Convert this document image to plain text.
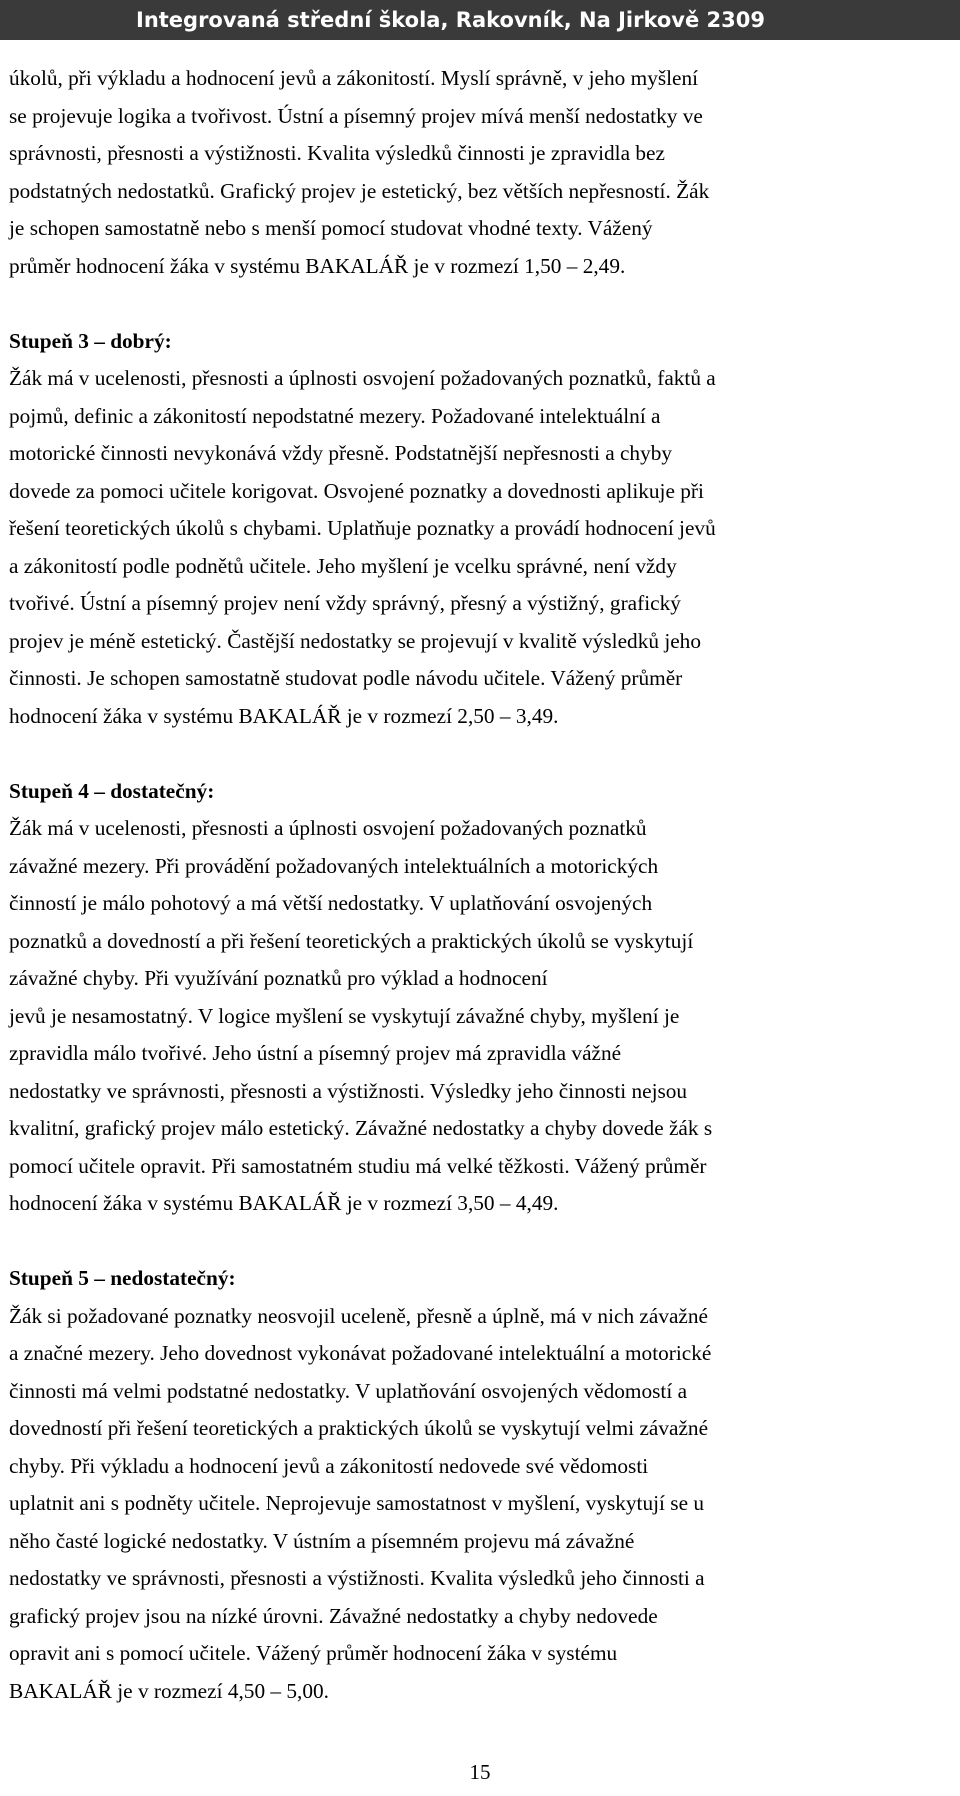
Integrovaná střední škola, Rakovník, Na Jirkově 2309

úkolů, při výkladu a hodnocení jevů a zákonitostí. Myslí správně, v jeho myšlení
se projevuje logika a tvořivost. Ústní a písemný projev mívá menší nedostatky ve
správnosti, přesnosti a výstižnosti. Kvalita výsledků činnosti je zpravidla bez
podstatných nedostatků. Grafický projev je estetický, bez větších nepřesností. Žák
je schopen samostatně nebo s menší pomocí studovat vhodné texty. Vážený
průměr hodnocení žáka v systému BAKALÁŘ je v rozmezí 1,50 – 2,49.

Stupeň 3 – dobrý:

Žák má v ucelenosti, přesnosti a úplnosti osvojení požadovaných poznatků, faktů a
pojmů, definic a zákonitostí nepodstatné mezery. Požadované intelektuální a
motorické činnosti nevykonává vždy přesně. Podstatnější nepřesnosti a chyby
dovede za pomoci učitele korigovat. Osvojené poznatky a dovednosti aplikuje při
řešení teoretických úkolů s chybami. Uplatňuje poznatky a provádí hodnocení jevů
a zákonitostí podle podnětů učitele. Jeho myšlení je vcelku správné, není vždy
tvořivé. Ústní a písemný projev není vždy správný, přesný a výstižný, grafický
projev je méně estetický. Častější nedostatky se projevují v kvalitě výsledků jeho
činnosti. Je schopen samostatně studovat podle návodu učitele. Vážený průměr
hodnocení žáka v systému BAKALÁŘ je v rozmezí 2,50 – 3,49.

Stupeň 4 – dostatečný:

Žák má v ucelenosti, přesnosti a úplnosti osvojení požadovaných poznatků
závažné mezery. Při provádění požadovaných intelektuálních a motorických
činností je málo pohotový a má větší nedostatky. V uplatňování osvojených
poznatků a dovedností a při řešení teoretických a praktických úkolů se vyskytují
závažné chyby. Při využívání poznatků pro výklad a hodnocení
jevů je nesamostatný. V logice myšlení se vyskytují závažné chyby, myšlení je
zpravidla málo tvořivé. Jeho ústní a písemný projev má zpravidla vážné
nedostatky ve správnosti, přesnosti a výstižnosti. Výsledky jeho činnosti nejsou
kvalitní, grafický projev málo estetický. Závažné nedostatky a chyby dovede žák s
pomocí učitele opravit. Při samostatném studiu má velké těžkosti. Vážený průměr
hodnocení žáka v systému BAKALÁŘ je v rozmezí 3,50 – 4,49.

Stupeň 5 – nedostatečný:

Žák si požadované poznatky neosvojil uceleně, přesně a úplně, má v nich závažné
a značné mezery. Jeho dovednost vykonávat požadované intelektuální a motorické
činnosti má velmi podstatné nedostatky. V uplatňování osvojených vědomostí a
dovedností při řešení teoretických a praktických úkolů se vyskytují velmi závažné
chyby. Při výkladu a hodnocení jevů a zákonitostí nedovede své vědomosti
uplatnit ani s podněty učitele. Neprojevuje samostatnost v myšlení, vyskytují se u
něho časté logické nedostatky. V ústním a písemném projevu má závažné
nedostatky ve správnosti, přesnosti a výstižnosti. Kvalita výsledků jeho činnosti a
grafický projev jsou na nízké úrovni. Závažné nedostatky a chyby nedovede
opravit ani s pomocí učitele. Vážený průměr hodnocení žáka v systému
BAKALÁŘ je v rozmezí 4,50 – 5,00.

15
